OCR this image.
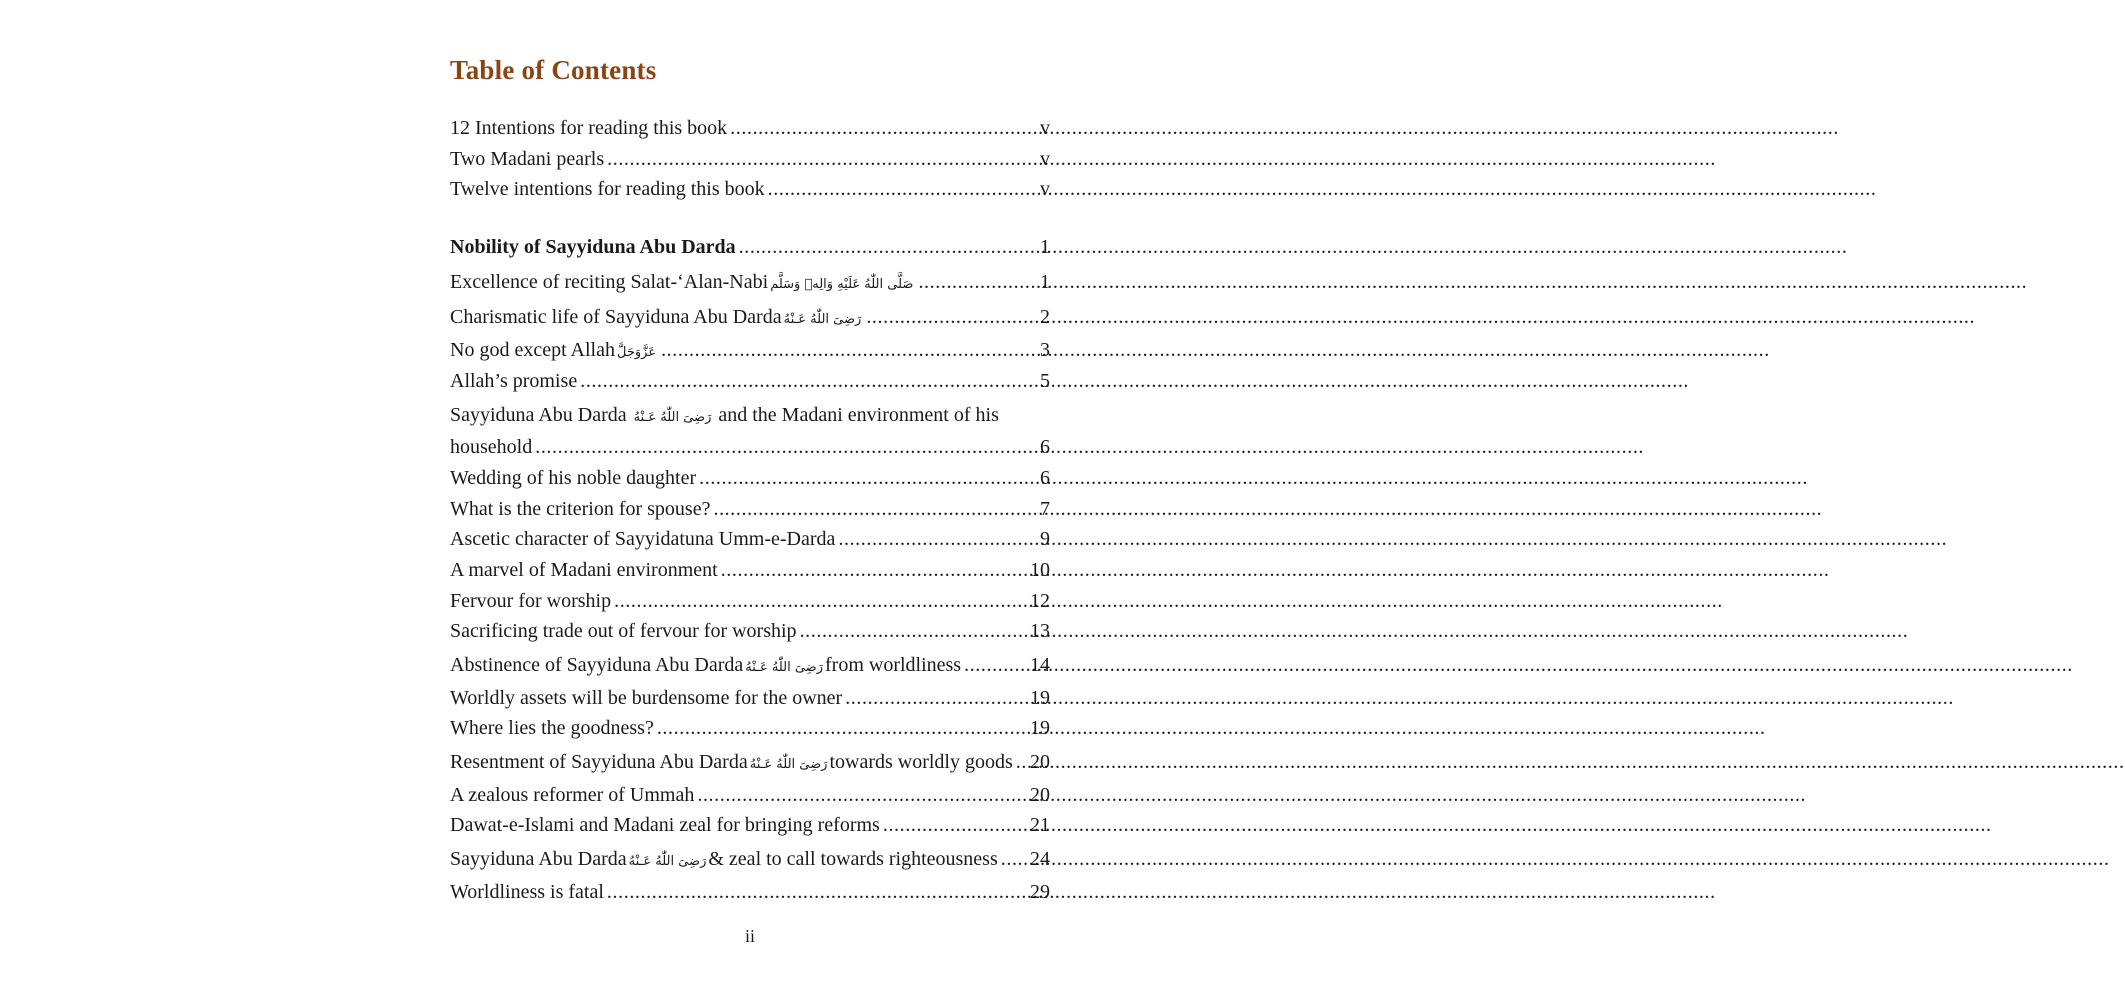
Table of Contents
12 Intentions for reading this book .....	v
Two Madani pearls .....	v
Twelve intentions for reading this book .....	v
Nobility of Sayyiduna Abu Darda .....	1
Excellence of reciting Salat-‘Alan-Nabi صَلَّى اللّٰهُ عَلَيْهِ وَالِهٖ وَسَلَّم .....	1
Charismatic life of Sayyiduna Abu Darda رَضِىَ اللّٰهُ عَـنْهُ .....	2
No god except Allah عَزَّوَجَلَّ .....	3
Allah’s promise .....	5
Sayyiduna Abu Darda رَضِىَ اللّٰهُ عَـنْهُ and the Madani environment of his
household .....	6
Wedding of his noble daughter .....	6
What is the criterion for spouse? .....	7
Ascetic character of Sayyidatuna Umm-e-Darda .....	9
A marvel of Madani environment .....	10
Fervour for worship .....	12
Sacrificing trade out of fervour for worship .....	13
Abstinence of Sayyiduna Abu Darda رَضِىَ اللّٰهُ عَـنْهُ from worldliness .....	14
Worldly assets will be burdensome for the owner .....	19
Where lies the goodness? .....	19
Resentment of Sayyiduna Abu Darda رَضِىَ اللّٰهُ عَـنْهُ towards worldly goods ..... 20
A zealous reformer of Ummah .....	20
Dawat-e-Islami and Madani zeal for bringing reforms .....	21
Sayyiduna Abu Darda رَضِىَ اللّٰهُ عَـنْهُ & zeal to call towards righteousness ..... 24
Worldliness is fatal .....	29
ii
